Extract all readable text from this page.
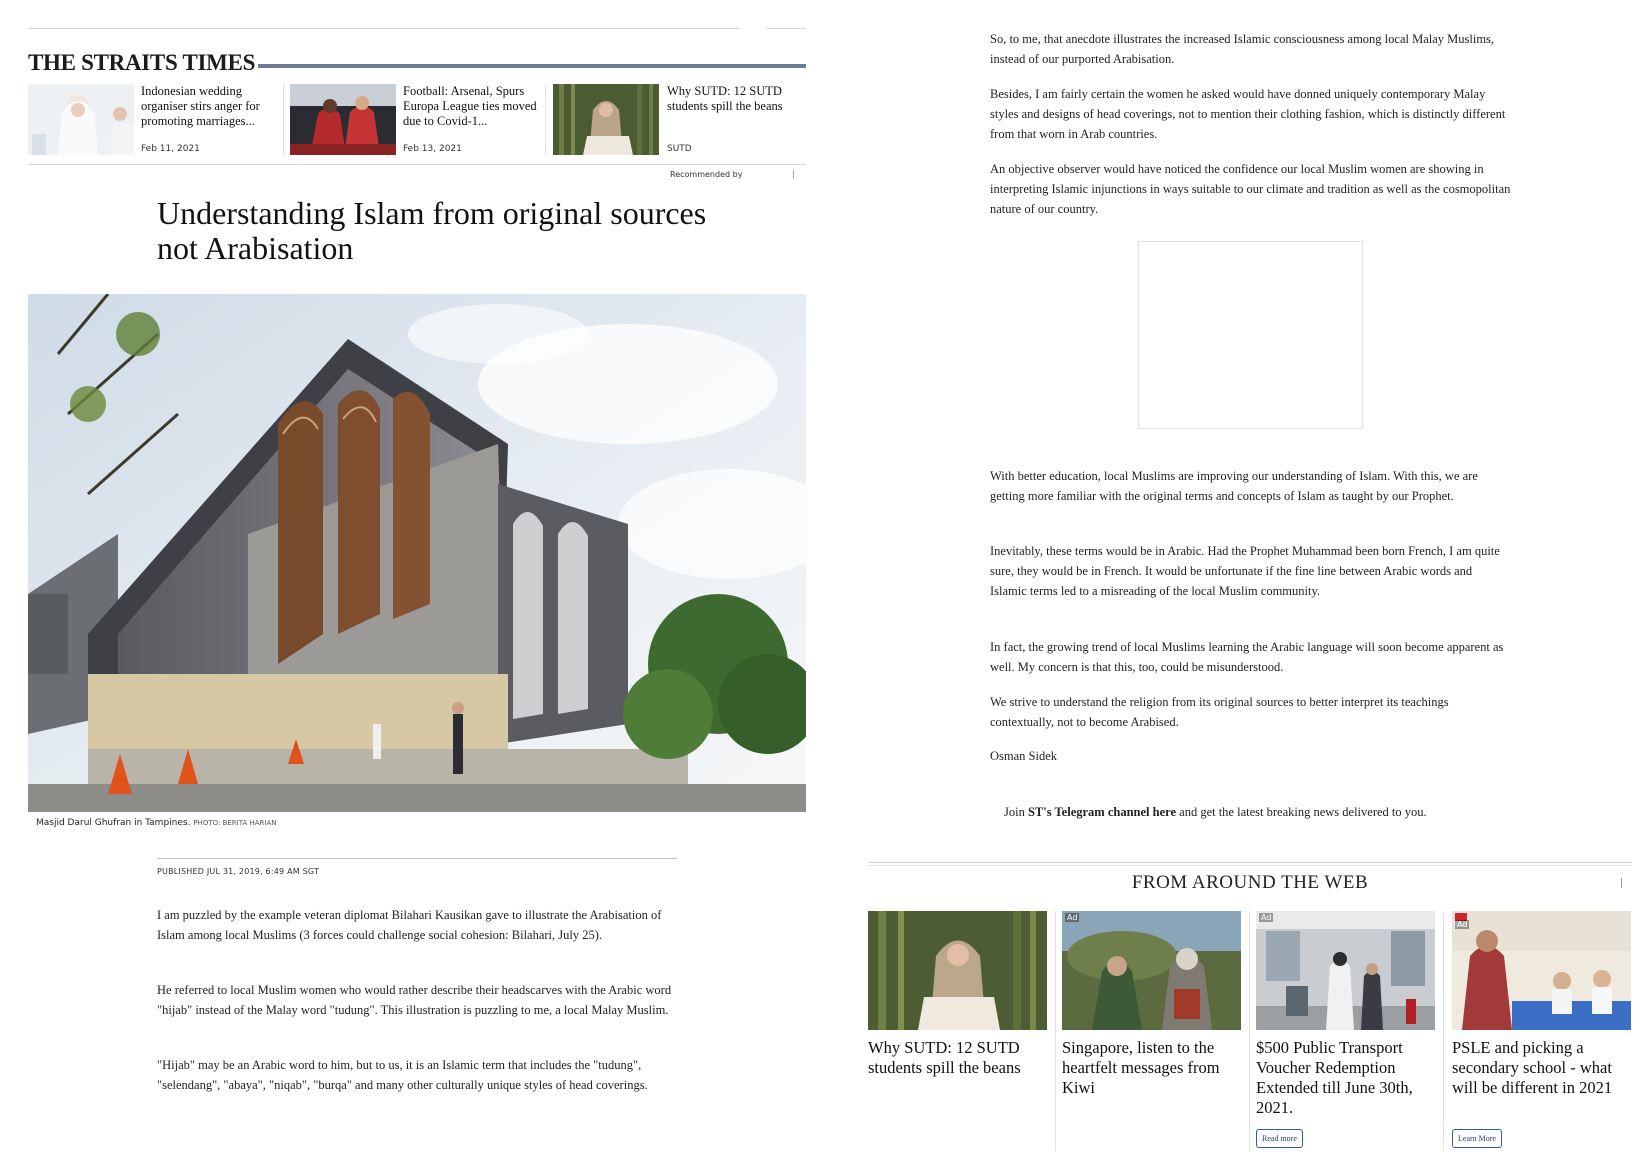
THE STRAITS TIMES
Indonesian wedding organiser stirs anger for promoting marriages...
Feb 11, 2021
Football: Arsenal, Spurs Europa League ties moved due to Covid-1...
Feb 13, 2021
Why SUTD: 12 SUTD students spill the beans
SUTD
Recommended by
Understanding Islam from original sources not Arabisation
Masjid Darul Ghufran in Tampines. PHOTO: BERITA HARIAN
PUBLISHED JUL 31, 2019, 6:49 AM SGT
I am puzzled by the example veteran diplomat Bilahari Kausikan gave to illustrate the Arabisation of Islam among local Muslims (3 forces could challenge social cohesion: Bilahari, July 25).
He referred to local Muslim women who would rather describe their headscarves with the Arabic word "hijab" instead of the Malay word "tudung". This illustration is puzzling to me, a local Malay Muslim.
"Hijab" may be an Arabic word to him, but to us, it is an Islamic term that includes the "tudung", "selendang", "abaya", "niqab", "burqa" and many other culturally unique styles of head coverings.
So, to me, that anecdote illustrates the increased Islamic consciousness among local Malay Muslims, instead of our purported Arabisation.
Besides, I am fairly certain the women he asked would have donned uniquely contemporary Malay styles and designs of head coverings, not to mention their clothing fashion, which is distinctly different from that worn in Arab countries.
An objective observer would have noticed the confidence our local Muslim women are showing in interpreting Islamic injunctions in ways suitable to our climate and tradition as well as the cosmopolitan nature of our country.
With better education, local Muslims are improving our understanding of Islam. With this, we are getting more familiar with the original terms and concepts of Islam as taught by our Prophet.
Inevitably, these terms would be in Arabic. Had the Prophet Muhammad been born French, I am quite sure, they would be in French. It would be unfortunate if the fine line between Arabic words and Islamic terms led to a misreading of the local Muslim community.
In fact, the growing trend of local Muslims learning the Arabic language will soon become apparent as well. My concern is that this, too, could be misunderstood.
We strive to understand the religion from its original sources to better interpret its teachings contextually, not to become Arabised.
Osman Sidek
Join ST's Telegram channel here and get the latest breaking news delivered to you.
FROM AROUND THE WEB
Why SUTD: 12 SUTD students spill the beans
Ad
Singapore, listen to the heartfelt messages from Kiwi
Ad
$500 Public Transport Voucher Redemption Extended till June 30th, 2021.
Read more
Ad
PSLE and picking a secondary school - what will be different in 2021
Learn More
